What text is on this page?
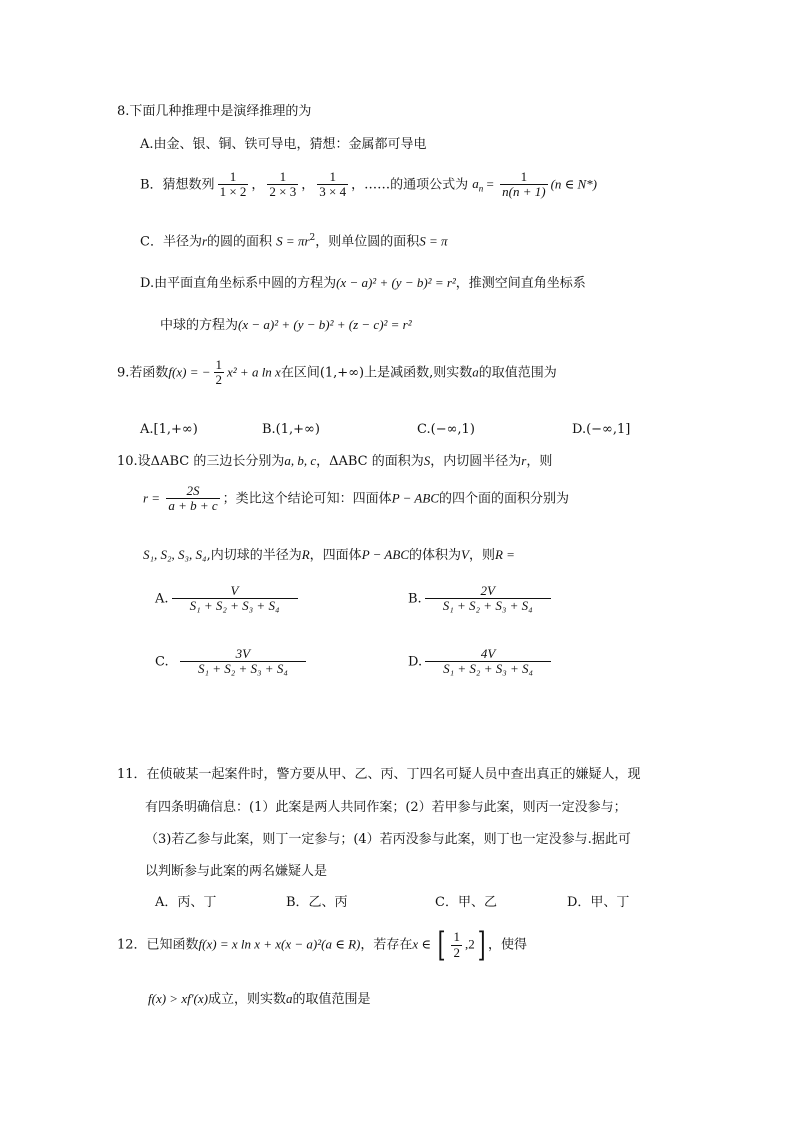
8.下面几种推理中是演绎推理的为
A.由金、银、铜、铁可导电，猜想：金属都可导电
B．猜想数列 $\frac{1}{1 \times 2}$ ， $\frac{1}{2 \times 3}$ ， $\frac{1}{3 \times 4}$ ，……的通项公式为 $a_n = \frac{1}{n(n + 1)} (n$ ∈ N*)
C．半径为r的圆的面积 $S = \pi r^2$，则单位圆的面积S = π
D.由平面直角坐标系中圆的方程为(x − a)² + (y − b)² = r²，推测空间直角坐标系
中球的方程为(x − a)² + (y − b)² + (z − c)² = r²
9.若函数f(x) = − $\frac{1}{2} x^2 + a$ ln x在区间(1,+∞)上是减函数,则实数a的取值范围为
A.[1,+∞)	B.(1,+∞)	C.(−∞,1)	D.(−∞,1]
10.设ΔABC 的三边长分别为a, b, c，ΔABC 的面积为S，内切圆半径为r，则
$r = \frac{2S}{a + b + c}$ ；类比这个结论可知：四面体P − ABC的四个面的面积分别为
S₁, S₂, S₃, S₄,内切球的半径为R，四面体P − ABC的体积为V，则R =
A. $\frac{V}{\text{S₁ + S₂ + S₃ + S₄}}$	B. $\frac{2V}{\text{S₁ + S₂ + S₃ + S₄}}$
C. $\frac{3V}{\text{S₁ + S₂ + S₃ + S₄}}$	D. $\frac{4V}{\text{S₁ + S₂ + S₃ + S₄}}$
11．在侦破某一起案件时，警方要从甲、乙、丙、丁四名可疑人员中查出真正的嫌疑人，现
有四条明确信息：(1）此案是两人共同作案；(2）若甲参与此案，则丙一定没参与；
（3)若乙参与此案，则丁一定参与；(4）若丙没参与此案，则丁也一定没参与.据此可
以判断参与此案的两名嫌疑人是
A．丙、丁	B．乙、丙	C．甲、乙	D．甲、丁
12．已知函数f(x) = x ln x + x(x − a)²(a ∈ R)，若存在x ∈ [ $\frac{1}{2} ,2$] ，使得
f(x) > xf′(x)成立，则实数a的取值范围是
